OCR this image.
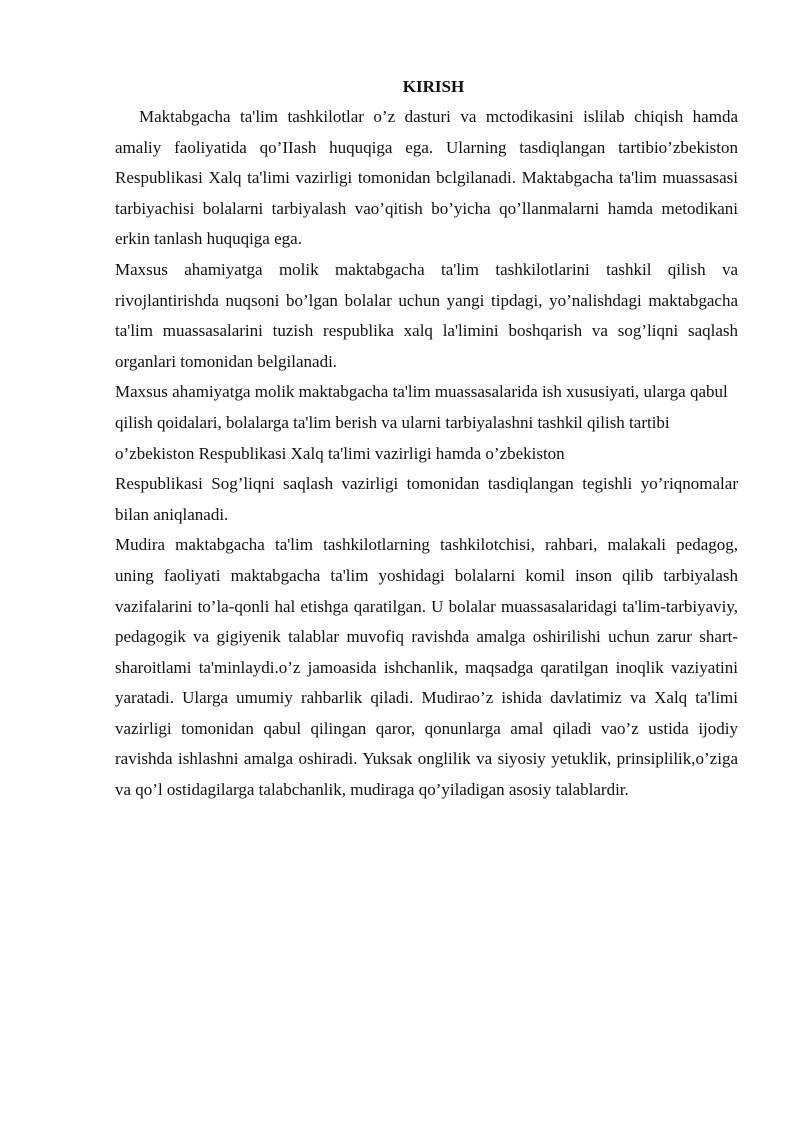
KIRISH

Maktabgacha ta'lim tashkilotlar o’z dasturi va mctodikasini islilab chiqish hamda amaliy faoliyatida qo’IIash huquqiga ega. Ularning tasdiqlangan tartibio’zbekiston Respublikasi Xalq ta'limi vazirligi tomonidan bclgilanadi. Maktabgacha ta'lim muassasasi tarbiyachisi bolalarni tarbiyalash vao’qitish bo’yicha qo’llanmalarni hamda metodikani erkin tanlash huquqiga ega.

Maxsus ahamiyatga molik maktabgacha ta'lim tashkilotlarini tashkil qilish va rivojlantirishda nuqsoni bo’lgan bolalar uchun yangi tipdagi, yo’nalishdagi maktabgacha ta'lim muassasalarini tuzish respublika xalq la'limini boshqarish va sog’liqni saqlash organlari tomonidan belgilanadi.

Maxsus ahamiyatga molik maktabgacha ta'lim muassasalarida ish xususiyati, ularga qabul qilish qoidalari, bolalarga ta'lim berish va ularni tarbiyalashni tashkil qilish tartibi o’zbekiston Respublikasi Xalq ta'limi vazirligi hamda o’zbekiston

Respublikasi Sog’liqni saqlash vazirligi tomonidan tasdiqlangan tegishli yo’riqnomalar bilan aniqlanadi.

Mudira maktabgacha ta'lim tashkilotlarning tashkilotchisi, rahbari, malakali pedagog, uning faoliyati maktabgacha ta'lim yoshidagi bolalarni komil inson qilib tarbiyalash vazifalarini to’la-qonli hal etishga qaratilgan. U bolalar muassasalaridagi ta'lim-tarbiyaviy, pedagogik va gigiyenik talablar muvofiq ravishda amalga oshirilishi uchun zarur shart-sharoitlami ta'minlaydi.o’z jamoasida ishchanlik, maqsadga qaratilgan inoqlik vaziyatini yaratadi. Ularga umumiy rahbarlik qiladi. Mudirao’z ishida davlatimiz va Xalq ta'limi vazirligi tomonidan qabul qilingan qaror, qonunlarga amal qiladi vao’z ustida ijodiy ravishda ishlashni amalga oshiradi. Yuksak onglilik va siyosiy yetuklik, prinsiplilik,o’ziga va qo’l ostidagilarga talabchanlik, mudiraga qo’yiladigan asosiy talablardir.
